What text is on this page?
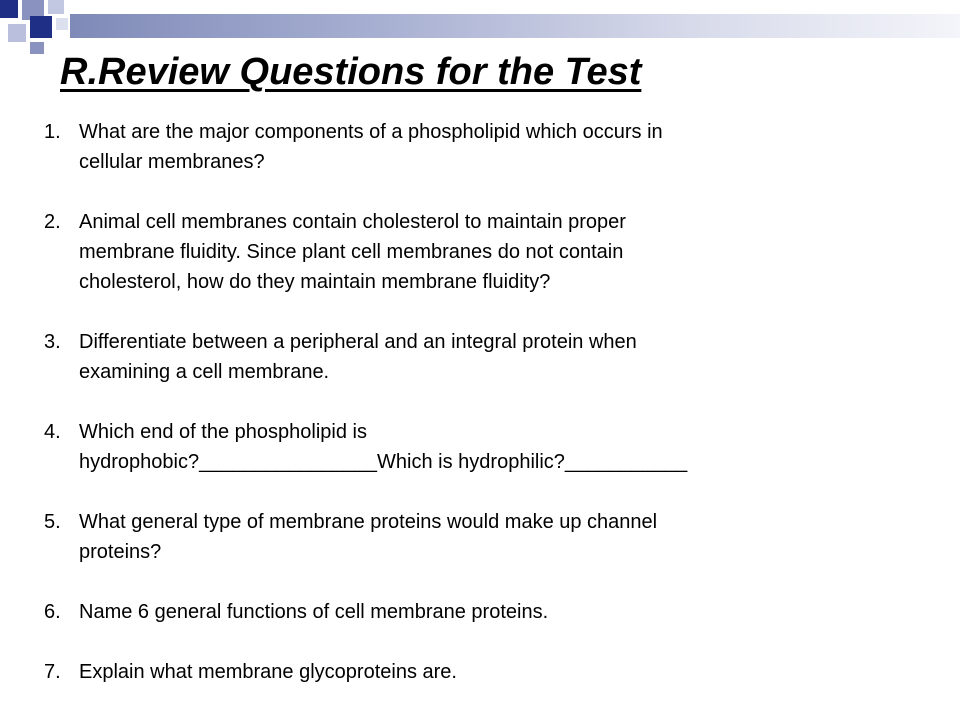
R.Review Questions for the Test
1. What are the major components of a phospholipid which occurs in
cellular membranes?
2. Animal cell membranes contain cholesterol to maintain proper
membrane fluidity. Since plant cell membranes do not contain
cholesterol, how do they maintain membrane fluidity?
3. Differentiate between a peripheral and an integral protein when
examining a cell membrane.
4. Which end of the phospholipid is
hydrophobic?________________Which is hydrophilic?___________
5. What general type of membrane proteins would make up channel
proteins?
6. Name 6 general functions of cell membrane proteins.
7. Explain what membrane glycoproteins are.
